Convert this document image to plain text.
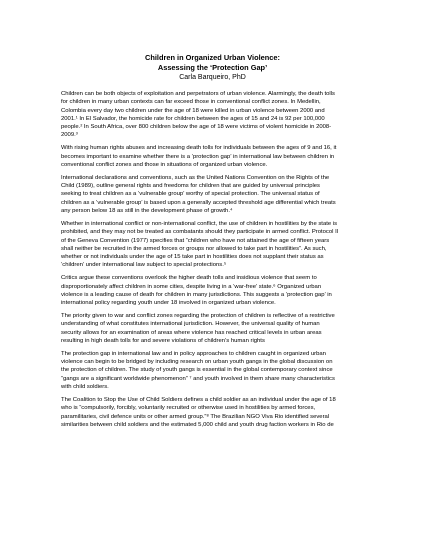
Children in Organized Urban Violence:
Assessing the ‘Protection Gap’
Carla Barqueiro, PhD
Children can be both objects of exploitation and perpetrators of urban violence. Alarmingly, the death tolls
for children in many urban contexts can far exceed those in conventional conflict zones. In Medellin,
Colombia every day two children under the age of 18 were killed in urban violence between 2000 and
2001.¹ In El Salvador, the homicide rate for children between the ages of 15 and 24 is 92 per 100,000
people.² In South Africa, over 800 children below the age of 18 were victims of violent homicide in 2008-
2009.³
With rising human rights abuses and increasing death tolls for individuals between the ages of 9 and 16, it
becomes important to examine whether there is a ‘protection gap’ in international law between children in
conventional conflict zones and those in situations of organized urban violence.
International declarations and conventions, such as the United Nations Convention on the Rights of the
Child (1989), outline general rights and freedoms for children that are guided by universal principles
seeking to treat children as a ‘vulnerable group’ worthy of special protection. The universal status of
children as a ‘vulnerable group’ is based upon a generally accepted threshold age differential which treats
any person below 18 as still in the development phase of growth.⁴
Whether in international conflict or non-international conflict, the use of children in hostilities by the state is
prohibited, and they may not be treated as combatants should they participate in armed conflict. Protocol II
of the Geneva Convention (1977) specifies that “children who have not attained the age of fifteen years
shall neither be recruited in the armed forces or groups nor allowed to take part in hostilities”. As such,
whether or not individuals under the age of 15 take part in hostilities does not supplant their status as
‘children’ under international law subject to special protections.⁵
Critics argue these conventions overlook the higher death tolls and insidious violence that seem to
disproportionately affect children in some cities, despite living in a ‘war-free’ state.⁶ Organized urban
violence is a leading cause of death for children in many jurisdictions. This suggests a ‘protection gap’ in
international policy regarding youth under 18 involved in organized urban violence.
The priority given to war and conflict zones regarding the protection of children is reflective of a restrictive
understanding of what constitutes international jurisdiction. However, the universal quality of human
security allows for an examination of areas where violence has reached critical levels in urban areas
resulting in high death tolls for and severe violations of children’s human rights
The protection gap in international law and in policy approaches to children caught in organized urban
violence can begin to be bridged by including research on urban youth gangs in the global discussion on
the protection of children. The study of youth gangs is essential in the global contemporary context since
“gangs are a significant worldwide phenomenon” ⁷ and youth involved in them share many characteristics
with child soldiers.
The Coalition to Stop the Use of Child Soldiers defines a child soldier as an individual under the age of 18
who is “compulsorily, forcibly, voluntarily recruited or otherwise used in hostilities by armed forces,
paramilitaries, civil defence units or other armed group.”⁸ The Brazilian NGO Viva Rio identified several
similarities between child soldiers and the estimated 5,000 child and youth drug faction workers in Rio de
